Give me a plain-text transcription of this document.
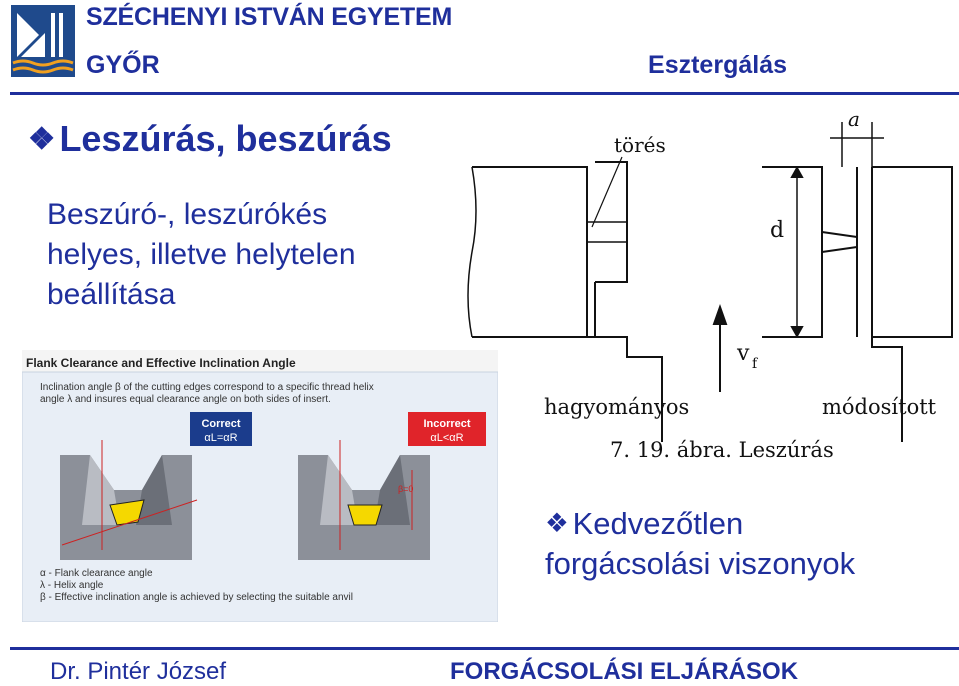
SZÉCHENYI ISTVÁN EGYETEM
GYŐR	Esztergálás
❖ Leszúrás, beszúrás
Beszúró-, leszúrókés
helyes, illetve helytelen
beállítása
törés
a
d
v f
hagyományos	módosított
7. 19. ábra. Leszúrás
Flank Clearance and Effective Inclination Angle
Inclination angle β of the cutting edges correspond to a specific thread helix
angle λ and insures equal clearance angle on both sides of insert.
Correct
αL=αR
Incorrect
αL<αR
β=0
α - Flank clearance angle
λ - Helix angle
β - Effective inclination angle is achieved by selecting the suitable anvil
❖ Kedvezőtlen
forgácsolási viszonyok
Dr. Pintér József	FORGÁCSOLÁSI ELJÁRÁSOK
